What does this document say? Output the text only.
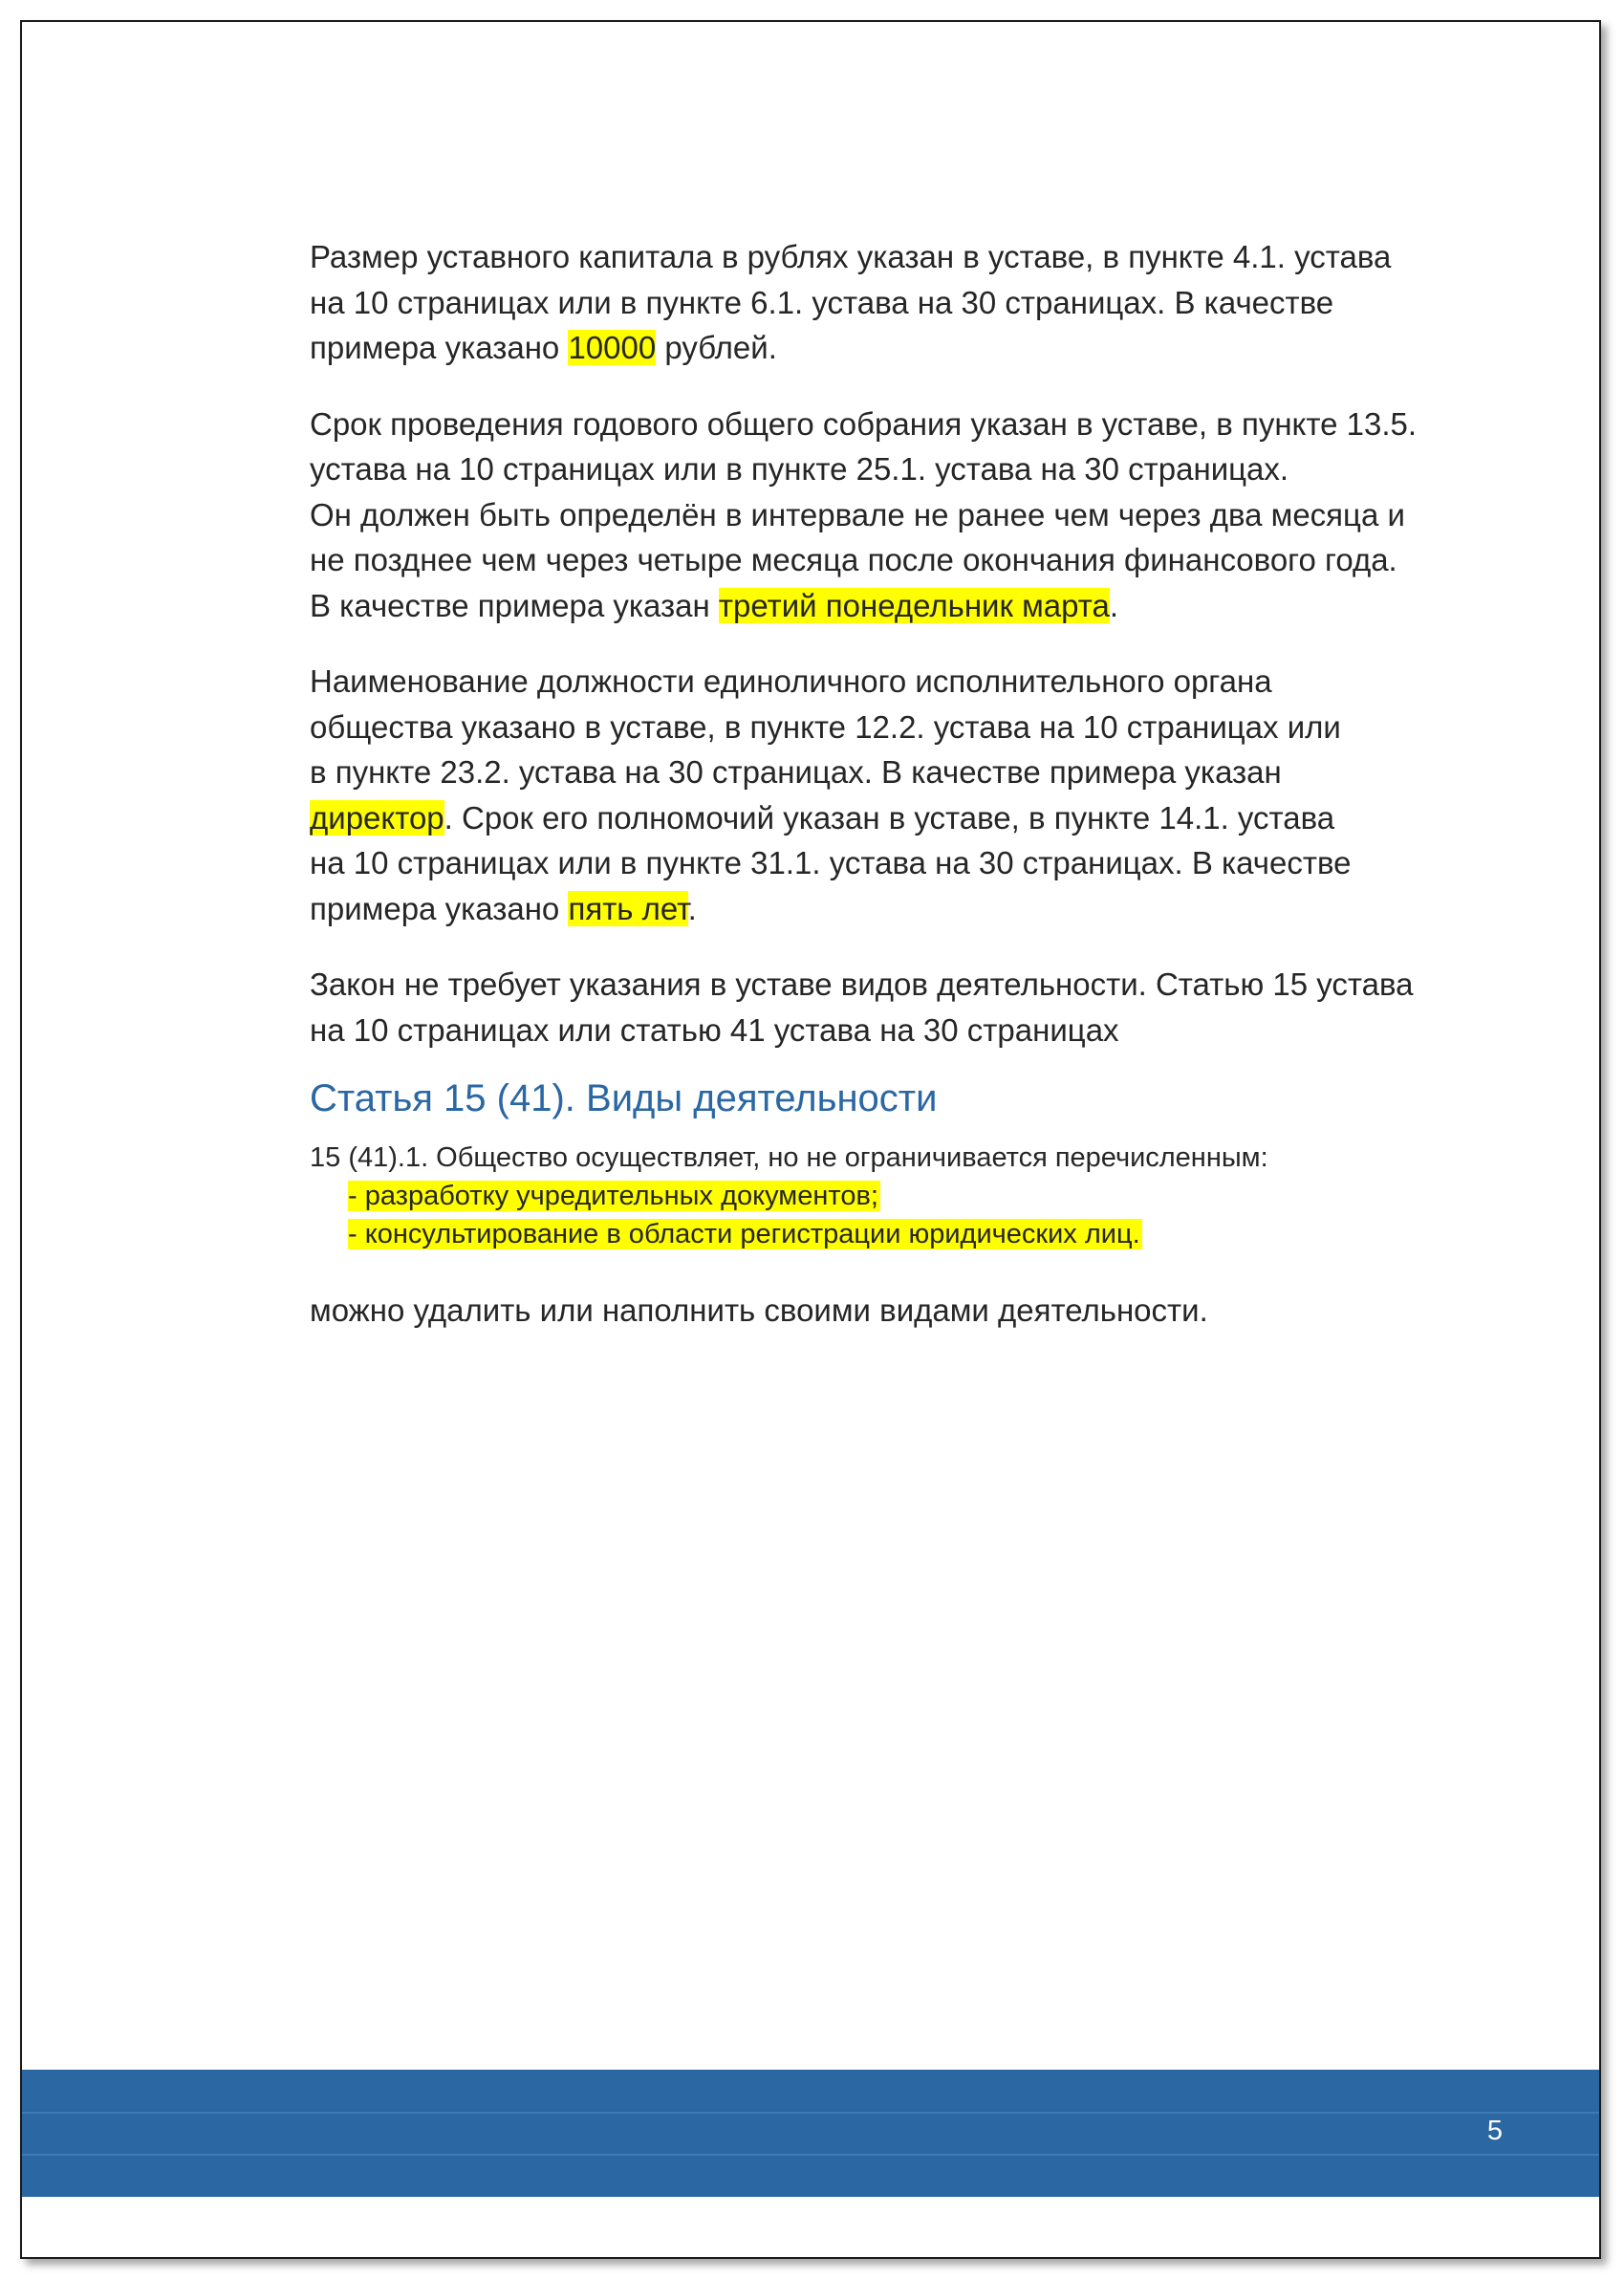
Размер уставного капитала в рублях указан в уставе, в пункте 4.1. устава
на 10 страницах или в пункте 6.1. устава на 30 страницах. В качестве
примера указано 10000 рублей.

Срок проведения годового общего собрания указан в уставе, в пункте 13.5.
устава на 10 страницах или в пункте 25.1. устава на 30 страницах.
Он должен быть определён в интервале не ранее чем через два месяца и
не позднее чем через четыре месяца после окончания финансового года.
В качестве примера указан третий понедельник марта.

Наименование должности единоличного исполнительного органа
общества указано в уставе, в пункте 12.2. устава на 10 страницах или
в пункте 23.2. устава на 30 страницах. В качестве примера указан
директор. Срок его полномочий указан в уставе, в пункте 14.1. устава
на 10 страницах или в пункте 31.1. устава на 30 страницах. В качестве
примера указано пять лет.

Закон не требует указания в уставе видов деятельности. Статью 15 устава
на 10 страницах или статью 41 устава на 30 страницах

Статья 15 (41). Виды деятельности
15 (41).1. Общество осуществляет, но не ограничивается перечисленным:
- разработку учредительных документов;
- консультирование в области регистрации юридических лиц.

можно удалить или наполнить своими видами деятельности.

5
